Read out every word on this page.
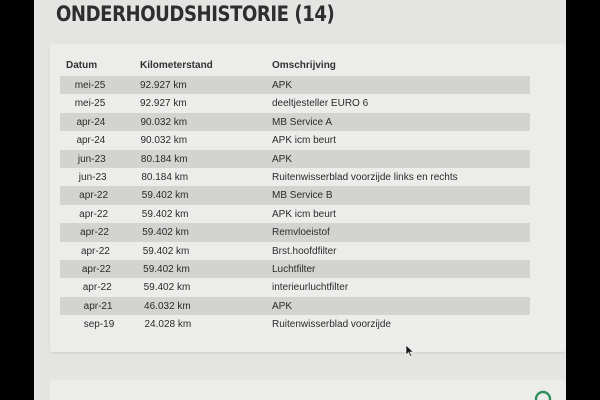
ONDERHOUDSHISTORIE (14)
Datum	Kilometerstand	Omschrijving
mei-25	92.927 km	APK
mei-25	92.927 km	deeltjesteller EURO 6
apr-24	90.032 km	MB Service A
apr-24	90.032 km	APK icm beurt
jun-23	80.184 km	APK
jun-23	80.184 km	Ruitenwisserblad voorzijde links en rechts
apr-22	59.402 km	MB Service B
apr-22	59.402 km	APK icm beurt
apr-22	59.402 km	Remvloeistof
apr-22	59.402 km	Brst.hoofdfilter
apr-22	59.402 km	Luchtfilter
apr-22	59.402 km	interieurluchtfilter
apr-21	46.032 km	APK
sep-19	24.028 km	Ruitenwisserblad voorzijde
